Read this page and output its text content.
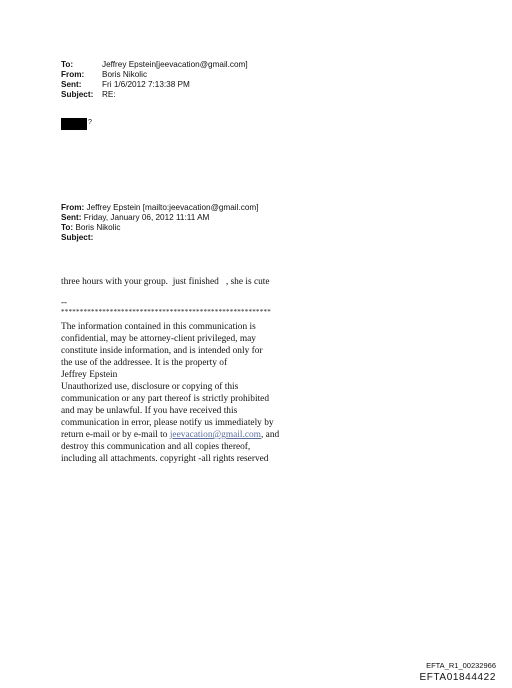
To:	Jeffrey Epstein[jeevacation@gmail.com]
From:	Boris Nikolic
Sent:	Fri 1/6/2012 7:13:38 PM
Subject:	RE:
?
From: Jeffrey Epstein [mailto:jeevacation@gmail.com]
Sent: Friday, January 06, 2012 11:11 AM
To: Boris Nikolic
Subject:
three hours with your group.  just finished   , she is cute
--
********************************************************
The information contained in this communication is
confidential, may be attorney-client privileged, may
constitute inside information, and is intended only for
the use of the addressee. It is the property of
Jeffrey Epstein
Unauthorized use, disclosure or copying of this
communication or any part thereof is strictly prohibited
and may be unlawful. If you have received this
communication in error, please notify us immediately by
return e-mail or by e-mail to jeevacation@gmail.com, and
destroy this communication and all copies thereof,
including all attachments. copyright -all rights reserved
EFTA_R1_00232966
EFTA01844422
